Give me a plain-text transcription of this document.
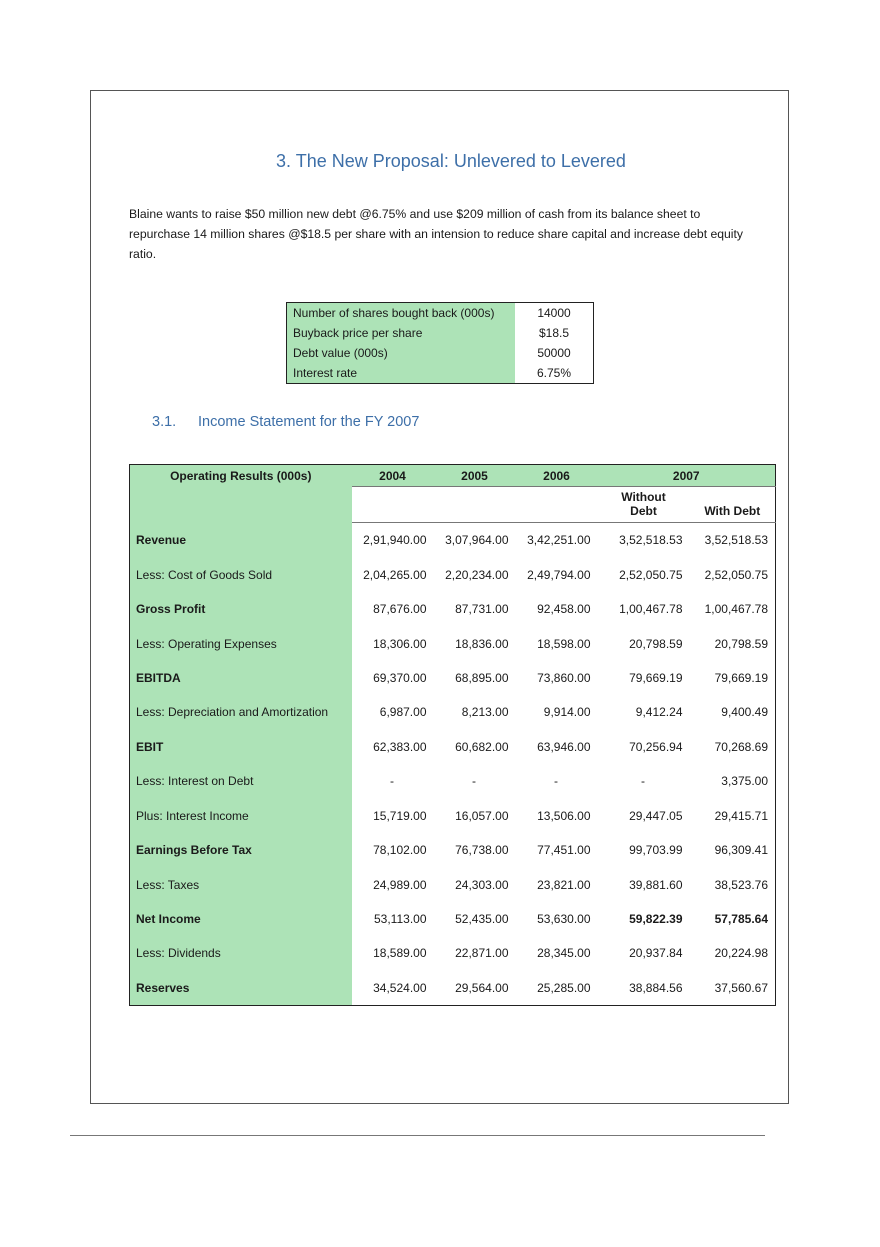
3. The New Proposal: Unlevered to Levered
Blaine wants to raise $50 million new debt @6.75% and use $209 million of cash from its balance sheet to repurchase 14 million shares @$18.5 per share with an intension to reduce share capital and increase debt equity ratio.
Number of shares bought back (000s)	14000
Buyback price per share	$18.5
Debt value (000s)	50000
Interest rate	6.75%
3.1. Income Statement for the FY 2007
Operating Results (000s)	2004	2005	2006	2007	
				Without	
				Debt	With Debt
Revenue	2,91,940.00	3,07,964.00	3,42,251.00	3,52,518.53	3,52,518.53
Less: Cost of Goods Sold	2,04,265.00	2,20,234.00	2,49,794.00	2,52,050.75	2,52,050.75
Gross Profit	87,676.00	87,731.00	92,458.00	1,00,467.78	1,00,467.78
Less: Operating Expenses	18,306.00	18,836.00	18,598.00	20,798.59	20,798.59
EBITDA	69,370.00	68,895.00	73,860.00	79,669.19	79,669.19
Less: Depreciation and Amortization	6,987.00	8,213.00	9,914.00	9,412.24	9,400.49
EBIT	62,383.00	60,682.00	63,946.00	70,256.94	70,268.69
Less: Interest on Debt	-	-	-	-	3,375.00
Plus: Interest Income	15,719.00	16,057.00	13,506.00	29,447.05	29,415.71
Earnings Before Tax	78,102.00	76,738.00	77,451.00	99,703.99	96,309.41
Less: Taxes	24,989.00	24,303.00	23,821.00	39,881.60	38,523.76
Net Income	53,113.00	52,435.00	53,630.00	59,822.39	57,785.64
Less: Dividends	18,589.00	22,871.00	28,345.00	20,937.84	20,224.98
Reserves	34,524.00	29,564.00	25,285.00	38,884.56	37,560.67
